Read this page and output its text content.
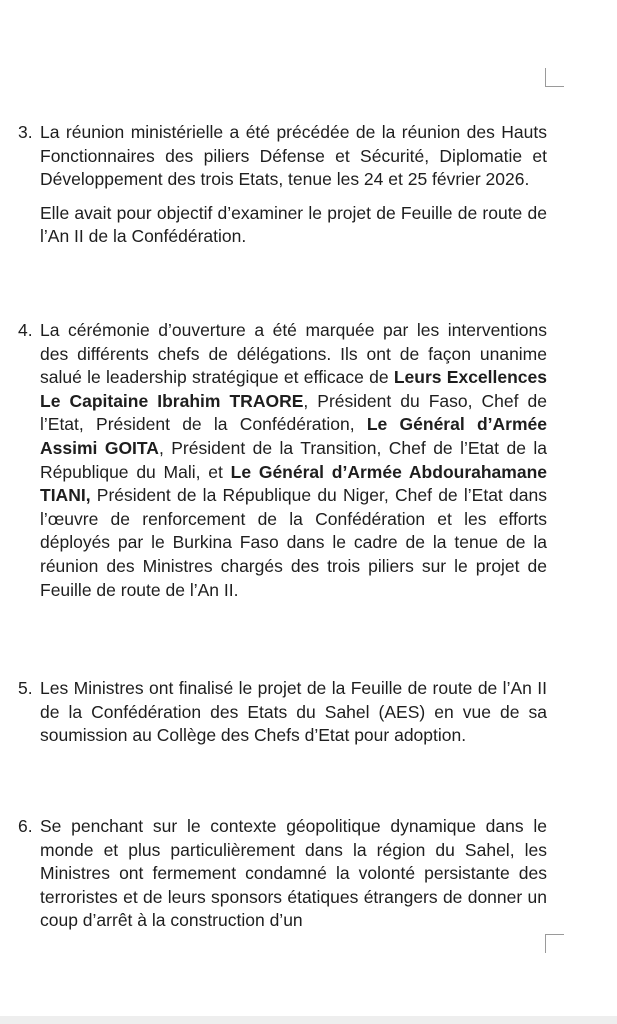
3. La réunion ministérielle a été précédée de la réunion des Hauts Fonctionnaires des piliers Défense et Sécurité, Diplomatie et Développement des trois Etats, tenue les 24 et 25 février 2026.

Elle avait pour objectif d’examiner le projet de Feuille de route de l’An II de la Confédération.

4. La cérémonie d’ouverture a été marquée par les interventions des différents chefs de délégations. Ils ont de façon unanime salué le leadership stratégique et efficace de Leurs Excellences Le Capitaine Ibrahim TRAORE, Président du Faso, Chef de l’Etat, Président de la Confédération, Le Général d’Armée Assimi GOITA, Président de la Transition, Chef de l’Etat de la République du Mali, et Le Général d’Armée Abdourahamane TIANI, Président de la République du Niger, Chef de l’Etat dans l’œuvre de renforcement de la Confédération et les efforts déployés par le Burkina Faso dans le cadre de la tenue de la réunion des Ministres chargés des trois piliers sur le projet de Feuille de route de l’An II.

5. Les Ministres ont finalisé le projet de la Feuille de route de l’An II de la Confédération des Etats du Sahel (AES) en vue de sa soumission au Collège des Chefs d’Etat pour adoption.

6. Se penchant sur le contexte géopolitique dynamique dans le monde et plus particulièrement dans la région du Sahel, les Ministres ont fermement condamné la volonté persistante des terroristes et de leurs sponsors étatiques étrangers de donner un coup d’arrêt à la construction d’un
